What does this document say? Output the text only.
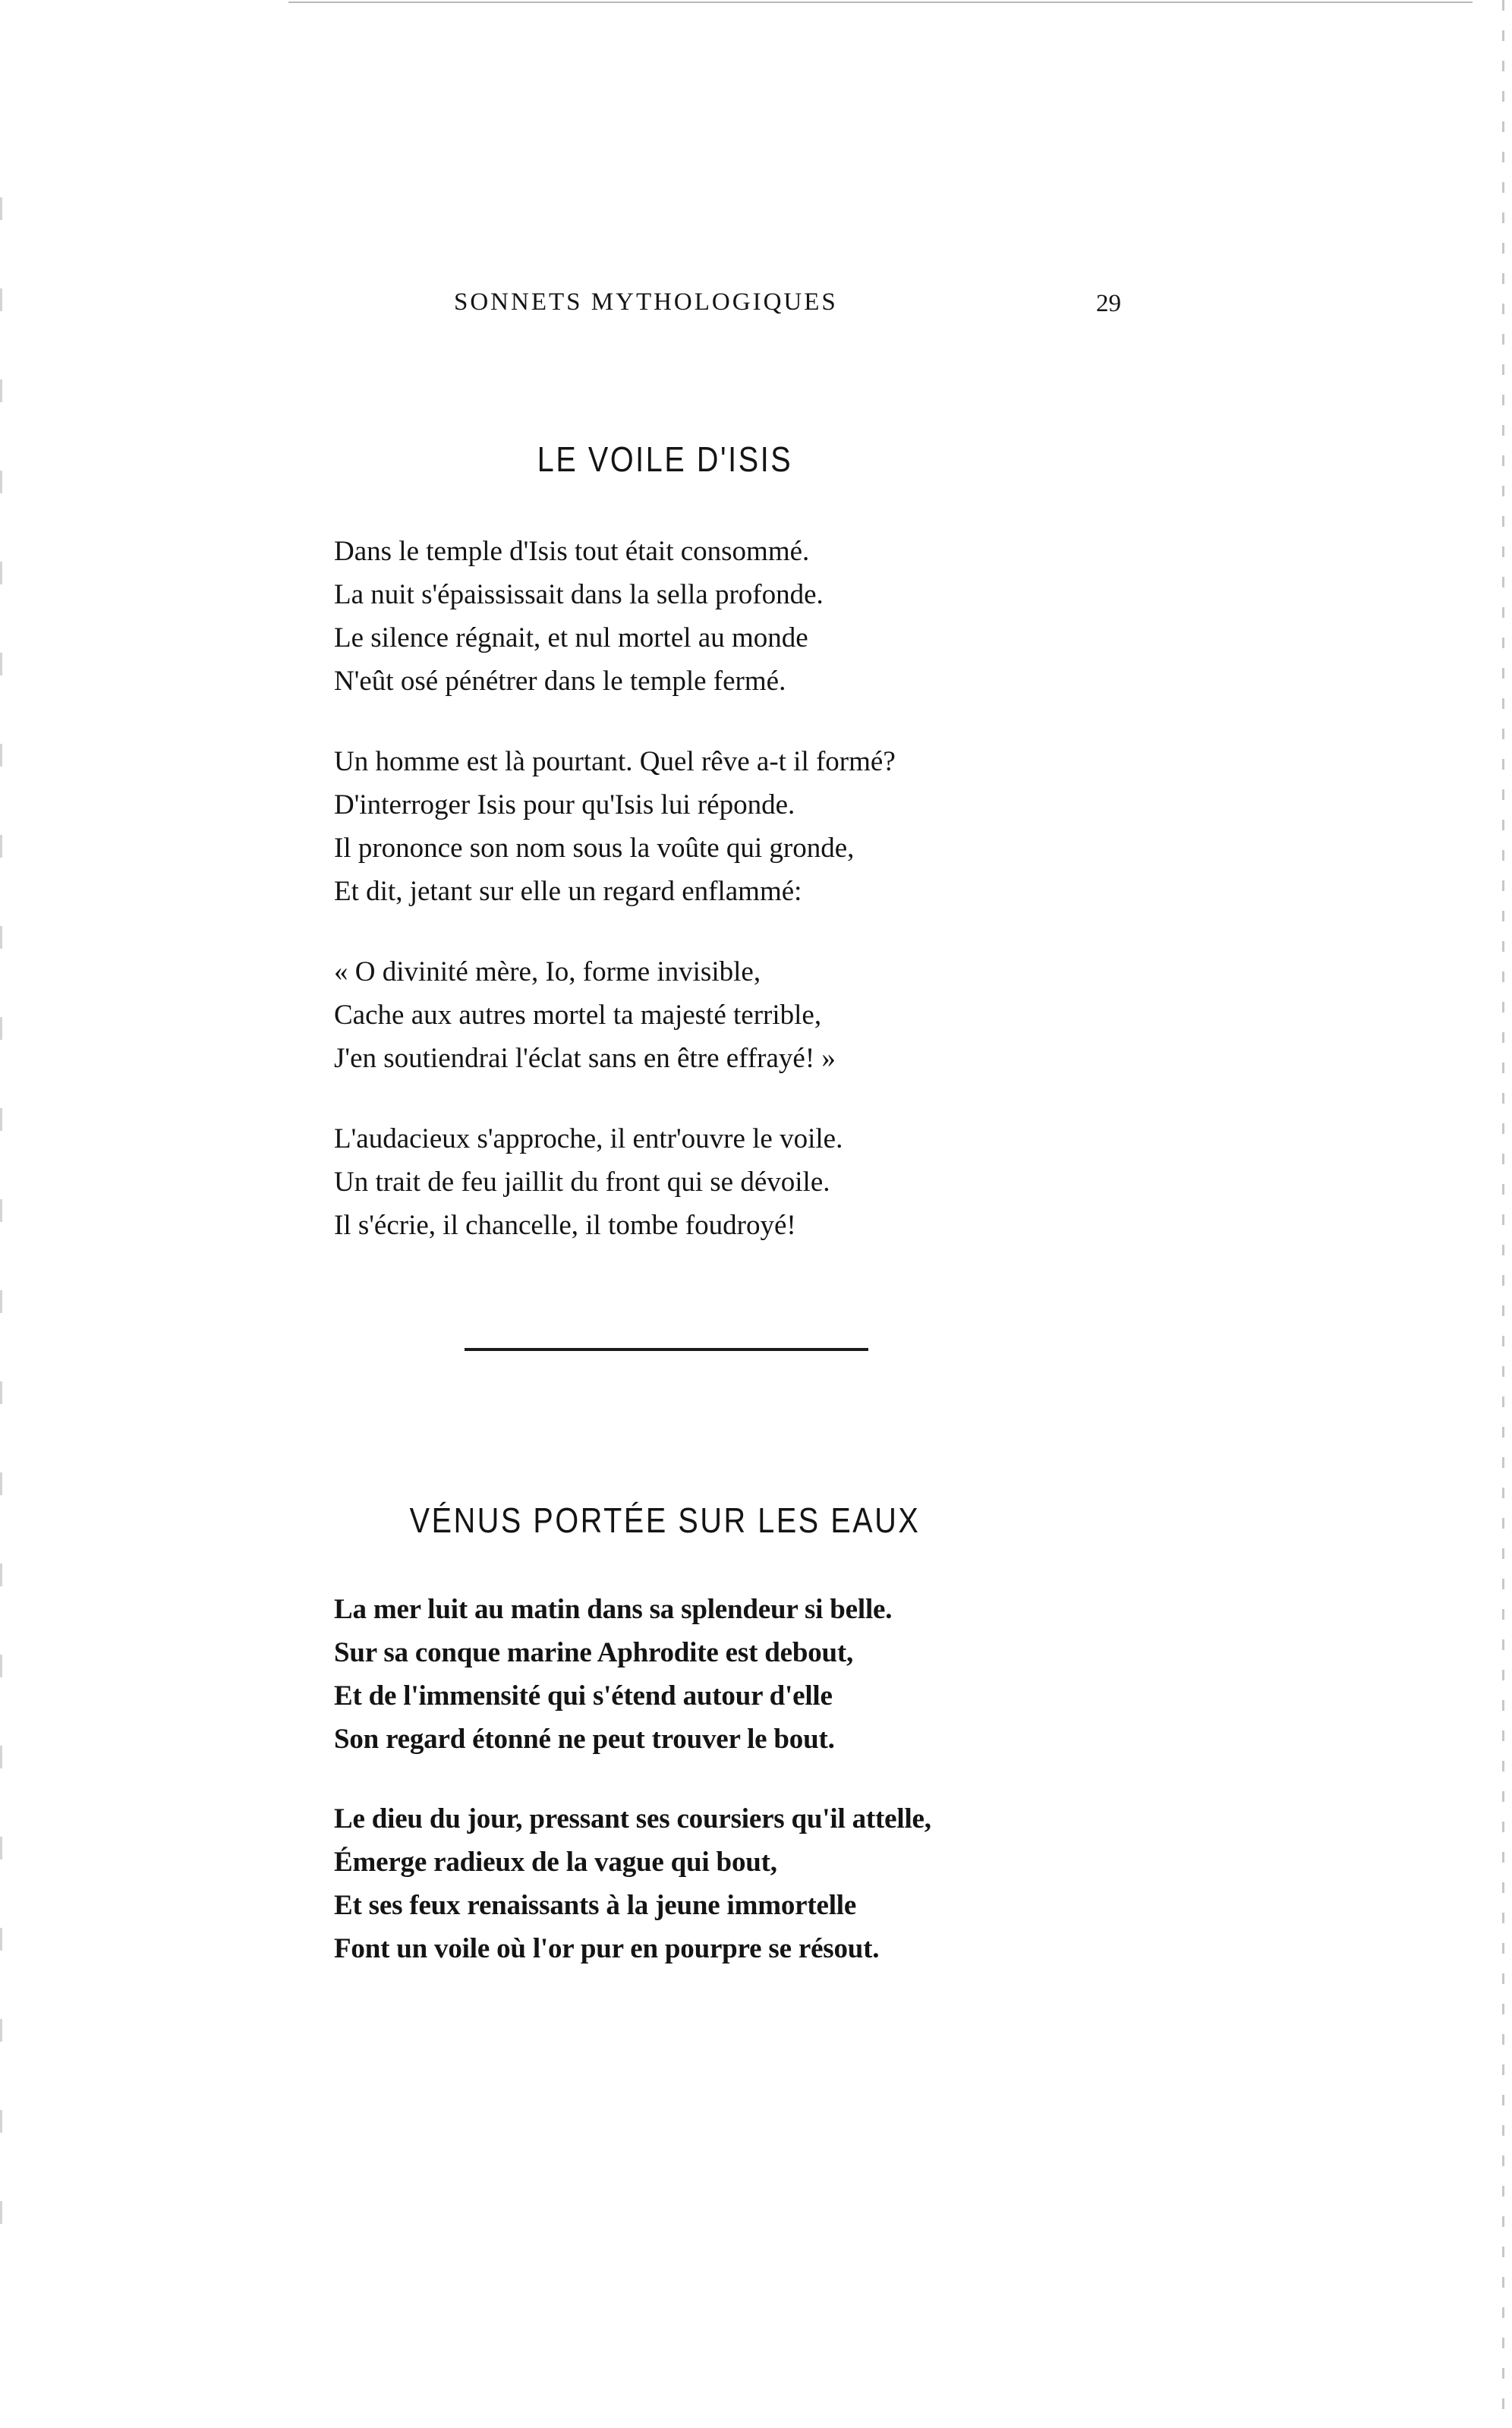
SONNETS MYTHOLOGIQUES	29
LE VOILE D'ISIS
Dans le temple d'Isis tout était consommé.
La nuit s'épaississait dans la sella profonde.
Le silence régnait, et nul mortel au monde
N'eût osé pénétrer dans le temple fermé.
Un homme est là pourtant. Quel rêve a-t il formé?
D'interroger Isis pour qu'Isis lui réponde.
Il prononce son nom sous la voûte qui gronde,
Et dit, jetant sur elle un regard enflammé:
« O divinité mère, Io, forme invisible,
Cache aux autres mortel ta majesté terrible,
J'en soutiendrai l'éclat sans en être effrayé! »
L'audacieux s'approche, il entr'ouvre le voile.
Un trait de feu jaillit du front qui se dévoile.
Il s'écrie, il chancelle, il tombe foudroyé!
VÉNUS PORTÉE SUR LES EAUX
La mer luit au matin dans sa splendeur si belle.
Sur sa conque marine Aphrodite est debout,
Et de l'immensité qui s'étend autour d'elle
Son regard étonné ne peut trouver le bout.
Le dieu du jour, pressant ses coursiers qu'il attelle,
Émerge radieux de la vague qui bout,
Et ses feux renaissants à la jeune immortelle
Font un voile où l'or pur en pourpre se résout.
